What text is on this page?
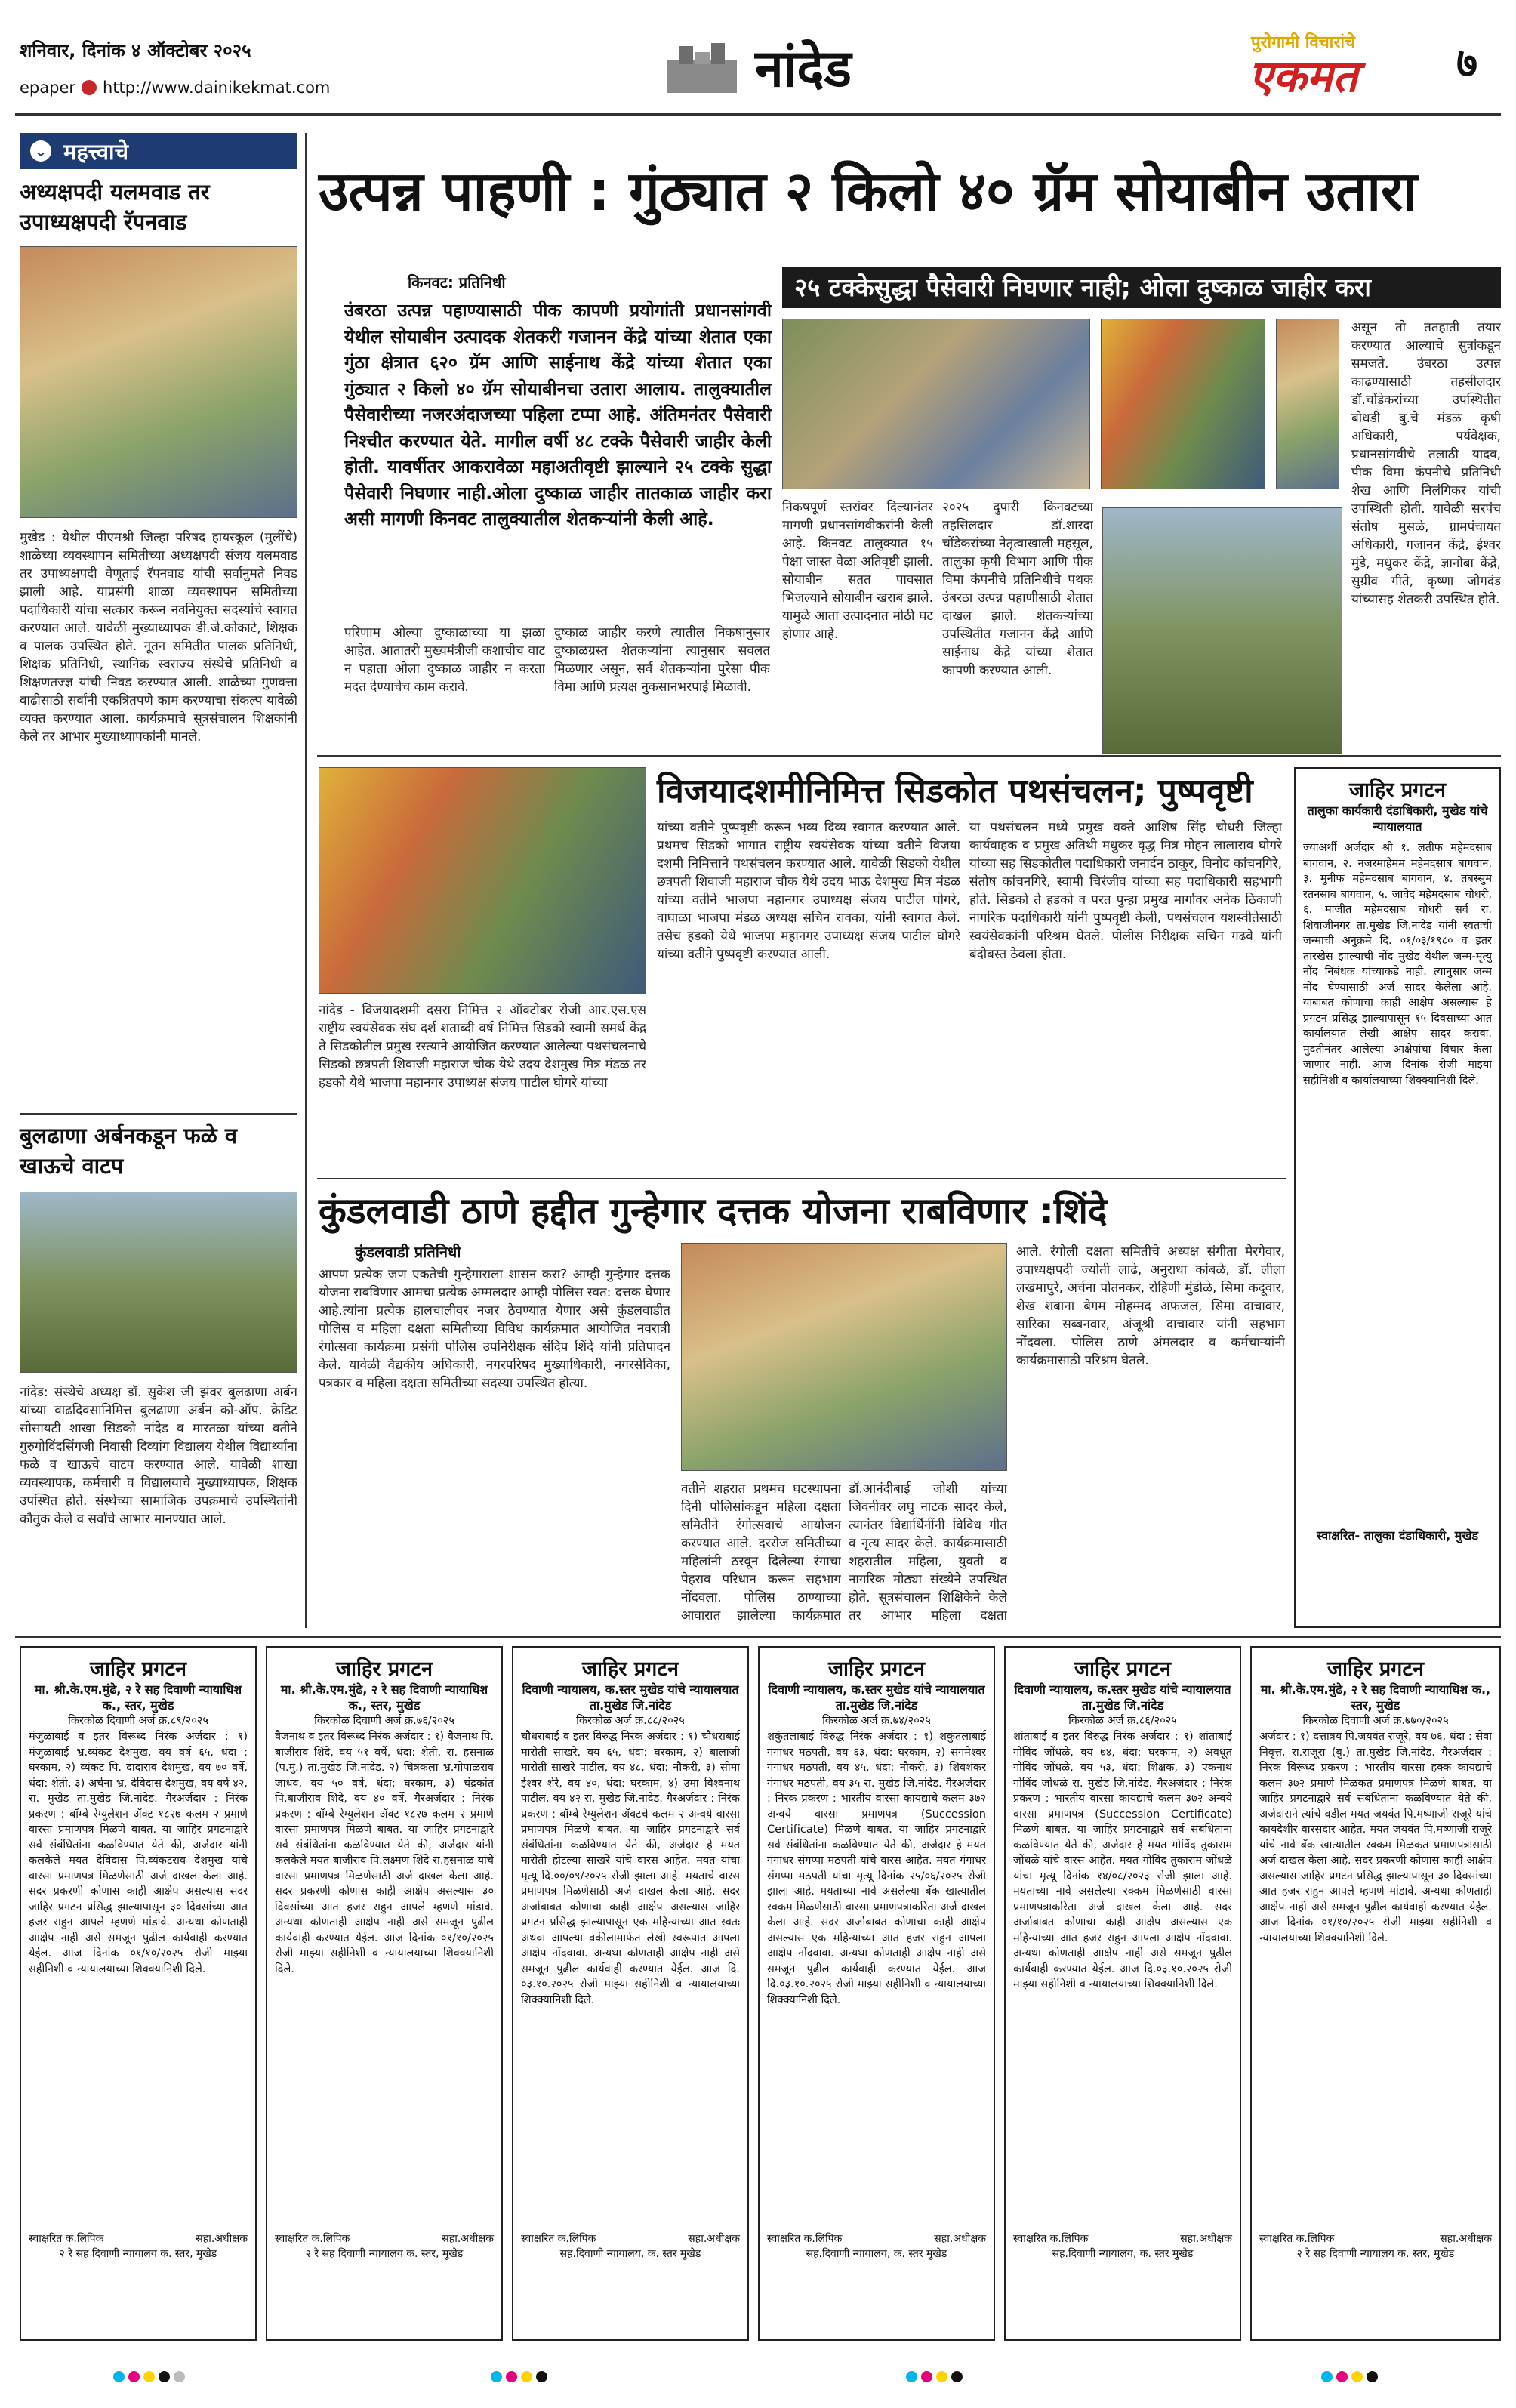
शनिवार, दिनांक ४ ऑक्टोबर २०२५
epaper http://www.dainikekmat.com	नांदेड	पुरोगामी विचारांचे
एकमत	७
⌄ महत्त्वाचे
अध्यक्षपदी यलमवाड तर उपाध्यक्षपदी रॅपनवाड
मुखेड : येथील पीएमश्री जिल्हा परिषद हायस्कूल (मुलींचे) शाळेच्या व्यवस्थापन समितीच्या अध्यक्षपदी संजय यलमवाड तर उपाध्यक्षपदी वेणूताई रॅपनवाड यांची सर्वानुमते निवड झाली आहे. याप्रसंगी शाळा व्यवस्थापन समितीच्या पदाधिकारी यांचा सत्कार करून नवनियुक्त सदस्यांचे स्वागत करण्यात आले. यावेळी मुख्याध्यापक डी.जे.कोकाटे, शिक्षक व पालक उपस्थित होते. नूतन समितीत पालक प्रतिनिधी, शिक्षक प्रतिनिधी, स्थानिक स्वराज्य संस्थेचे प्रतिनिधी व शिक्षणतज्ज्ञ यांची निवड करण्यात आली. शाळेच्या गुणवत्ता वाढीसाठी सर्वांनी एकत्रितपणे काम करण्याचा संकल्प यावेळी व्यक्त करण्यात आला. कार्यक्रमाचे सूत्रसंचालन शिक्षकांनी केले तर आभार मुख्याध्यापकांनी मानले.
बुलढाणा अर्बनकडून फळे व खाऊचे वाटप
नांदेड: संस्थेचे अध्यक्ष डॉ. सुकेश जी झंवर बुलढाणा अर्बन यांच्या वाढदिवसानिमित्त बुलढाणा अर्बन को-ऑप. क्रेडिट सोसायटी शाखा सिडको नांदेड व मारतळा यांच्या वतीने गुरुगोविंदसिंगजी निवासी दिव्यांग विद्यालय येथील विद्यार्थ्यांना फळे व खाऊचे वाटप करण्यात आले. यावेळी शाखा व्यवस्थापक, कर्मचारी व विद्यालयाचे मुख्याध्यापक, शिक्षक उपस्थित होते. संस्थेच्या सामाजिक उपक्रमाचे उपस्थितांनी कौतुक केले व सर्वांचे आभार मानण्यात आले.
उत्पन्न पाहणी : गुंठ्यात २ किलो ४० ग्रॅम सोयाबीन उतारा
२५ टक्केसुद्धा पैसेवारी निघणार नाही; ओला दुष्काळ जाहीर करा
किनवट: प्रतिनिधी
उंबरठा उत्पन्न पहाण्यासाठी पीक कापणी प्रयोगांती प्रधानसांगवी येथील सोयाबीन उत्पादक शेतकरी गजानन केंद्रे यांच्या शेतात एका गुंठा क्षेत्रात ६२० ग्रॅम आणि साईनाथ केंद्रे यांच्या शेतात एका गुंठ्यात २ किलो ४० ग्रॅम सोयाबीनचा उतारा आलाय. तालुक्यातील पैसेवारीच्या नजरअंदाजच्या पहिला टप्पा आहे. अंतिमनंतर पैसेवारी निश्चीत करण्यात येते. मागील वर्षी ४८ टक्के पैसेवारी जाहीर केली होती. यावर्षीतर आकरावेळा महाअतीवृष्टी झाल्याने २५ टक्के सुद्धा पैसेवारी निघणार नाही.ओला दुष्काळ जाहीर तातकाळ जाहीर करा असी मागणी किनवट तालुक्यातील शेतकऱ्यांनी केली आहे.
परिणाम ओल्या दुष्काळाच्या या झळा आहेत. आतातरी मुख्यमंत्रीजी कशाचीच वाट न पहाता ओला दुष्काळ जाहीर न करता मदत देण्याचेच काम करावे.
दुष्काळ जाहीर करणे त्यातील निकषानुसार दुष्काळग्रस्त शेतकऱ्यांना त्यानुसार सवलत मिळणार असून, सर्व शेतकऱ्यांना पुरेसा पीक विमा आणि प्रत्यक्ष नुकसानभरपाई मिळावी.
निकषपूर्ण स्तरांवर दिल्यानंतर मागणी प्रधानसांगवीकरांनी केली आहे. किनवट तालुक्यात १५ पेक्षा जास्त वेळा अतिवृष्टी झाली. सोयाबीन सतत पावसात भिजल्याने सोयाबीन खराब झाले. यामुळे आता उत्पादनात मोठी घट होणार आहे.
२०२५ दुपारी किनवटच्या तहसिलदार डॉ.शारदा चोंडेकरांच्या नेतृत्वाखाली महसूल, तालुका कृषी विभाग आणि पीक विमा कंपनीचे प्रतिनिधीचे पथक उंबरठा उत्पन्न पहाणीसाठी शेतात दाखल झाले. शेतकऱ्यांच्या उपस्थितीत गजानन केंद्रे आणि साईनाथ केंद्रे यांच्या शेतात कापणी करण्यात आली.
असून तो ततहाती तयार करण्यात आल्याचे सुत्रांकडून समजते. उंबरठा उत्पन्न काढण्यासाठी तहसीलदार डॉ.चोंडेकरांच्या उपस्थितीत बोधडी बु.चे मंडळ कृषी अधिकारी, पर्यवेक्षक, प्रधानसांगवीचे तलाठी यादव, पीक विमा कंपनीचे प्रतिनिधी शेख आणि निलंगिकर यांची उपस्थिती होती. यावेळी सरपंच संतोष मुसळे, ग्रामपंचायत अधिकारी, गजानन केंद्रे, ईश्वर मुंडे, मधुकर केंद्रे, ज्ञानोबा केंद्रे, सुग्रीव गीते, कृष्णा जोगदंड यांच्यासह शेतकरी उपस्थित होते.
विजयादशमीनिमित्त सिडकोत पथसंचलन; पुष्पवृष्टी
नांदेड - विजयादशमी दसरा निमित्त २ ऑक्टोबर रोजी आर.एस.एस राष्ट्रीय स्वयंसेवक संघ दर्श शताब्दी वर्ष निमित्त सिडको स्वामी समर्थ केंद्र ते सिडकोतील प्रमुख रस्त्याने आयोजित करण्यात आलेल्या पथसंचलनाचे सिडको छत्रपती शिवाजी महाराज चौक येथे उदय देशमुख मित्र मंडळ तर हडको येथे भाजपा महानगर उपाध्यक्ष संजय पाटील घोगरे यांच्या
यांच्या वतीने पुष्पवृष्टी करून भव्य दिव्य स्वागत करण्यात आले. प्रथमच सिडको भागात राष्ट्रीय स्वयंसेवक यांच्या वतीने विजया दशमी निमित्ताने पथसंचलन करण्यात आले. यावेळी सिडको येथील छत्रपती शिवाजी महाराज चौक येथे उदय भाऊ देशमुख मित्र मंडळ यांच्या वतीने भाजपा महानगर उपाध्यक्ष संजय पाटील घोगरे, वाघाळा भाजपा मंडळ अध्यक्ष सचिन रावका, यांनी स्वागत केले. तसेच हडको येथे भाजपा महानगर उपाध्यक्ष संजय पाटील घोगरे यांच्या वतीने पुष्पवृष्टी करण्यात आली.
या पथसंचलन मध्ये प्रमुख वक्ते आशिष सिंह चौधरी जिल्हा कार्यवाहक व प्रमुख अतिथी मधुकर वृद्ध मित्र मोहन लालाराव घोगरे यांच्या सह सिडकोतील पदाधिकारी जनार्दन ठाकूर, विनोद कांचनगिरे, संतोष कांचनगिरे, स्वामी चिरंजीव यांच्या सह पदाधिकारी सहभागी होते. सिडको ते हडको व परत पुन्हा प्रमुख मार्गावर अनेक ठिकाणी नागरिक पदाधिकारी यांनी पुष्पवृष्टी केली, पथसंचलन यशस्वीतेसाठी स्वयंसेवकांनी परिश्रम घेतले. पोलीस निरीक्षक सचिन गढवे यांनी बंदोबस्त ठेवला होता.
कुंडलवाडी ठाणे हद्दीत गुन्हेगार दत्तक योजना राबविणार :शिंदे
कुंडलवाडी प्रतिनिधी
आपण प्रत्येक जण एकतेची गुन्हेगाराला शासन करा? आम्ही गुन्हेगार दत्तक योजना राबविणार आमचा प्रत्येक अम्मलदार आम्ही पोलिस स्वत: दत्तक घेणार आहे.त्यांना प्रत्येक हालचालीवर नजर ठेवण्यात येणार असे कुंडलवाडीत पोलिस व महिला दक्षता समितीच्या विविध कार्यक्रमात आयोजित नवरात्री रंगोत्सवा कार्यक्रमा प्रसंगी पोलिस उपनिरीक्षक संदिप शिंदे यांनी प्रतिपादन केले. यावेळी वैद्यकीय अधिकारी, नगरपरिषद मुख्याधिकारी, नगरसेविका, पत्रकार व महिला दक्षता समितीच्या सदस्या उपस्थित होत्या.
वतीने शहरात प्रथमच घटस्थापना दिनी पोलिसांकडून महिला दक्षता समितीने रंगोत्सवाचे आयोजन करण्यात आले. दररोज समितीच्या महिलांनी ठरवून दिलेल्या रंगाचा पेहराव परिधान करून सहभाग नोंदवला. पोलिस ठाण्याच्या आवारात झालेल्या कार्यक्रमात
डॉ.आनंदीबाई जोशी यांच्या जिवनीवर लघु नाटक सादर केले, त्यानंतर विद्यार्थिनींनी विविध गीत व नृत्य सादर केले. कार्यक्रमासाठी शहरातील महिला, युवती व नागरिक मोठ्या संख्येने उपस्थित होते. सूत्रसंचालन शिक्षिकेने केले तर आभार महिला दक्षता
आले. रंगोली दक्षता समितीचे अध्यक्ष संगीता मेरगेवार, उपाध्यक्षपदी ज्योती लाढे, अनुराधा कांबळे, डॉ. लीला लखमापुरे, अर्चना पोतनकर, रोहिणी मुंडोळे, सिमा कदूवार, शेख शबाना बेगम मोहम्मद अफजल, सिमा दाचावार, सारिका सब्बनवार, अंजूश्री दाचावार यांनी सहभाग नोंदवला. पोलिस ठाणे अंमलदार व कर्मचाऱ्यांनी कार्यक्रमासाठी परिश्रम घेतले.
जाहिर प्रगटन
तालुका कार्यकारी दंडाधिकारी, मुखेड यांचे न्यायालयात
ज्याअर्थी अर्जदार श्री १. लतीफ महेमदसाब बागवान, २. नजरमाहेमम महेमदसाब बागवान, ३. मुनीफ महेमदसाब बागवान, ४. तबस्सुम रतनसाब बागवान, ५. जावेद महेमदसाब चौधरी, ६. माजीत महेमदसाब चौधरी सर्व रा. शिवाजीनगर ता.मुखेड जि.नांदेड यांनी स्वतःची जन्माची अनुक्रमे दि. ०१/०३/१९८० व इतर तारखेस झाल्याची नोंद मुखेड येथील जन्म-मृत्यु नोंद निबंधक यांच्याकडे नाही. त्यानुसार जन्म नोंद घेण्यासाठी अर्ज सादर केलेला आहे. याबाबत कोणाचा काही आक्षेप असल्यास हे प्रगटन प्रसिद्ध झाल्यापासून १५ दिवसाच्या आत कार्यालयात लेखी आक्षेप सादर करावा. मुदतीनंतर आलेल्या आक्षेपांचा विचार केला जाणार नाही. आज दिनांक रोजी माझ्या सहीनिशी व कार्यालयाच्या शिक्क्यानिशी दिले.
स्वाक्षरित- तालुका दंडाधिकारी, मुखेड
जाहिर प्रगटन
मा. श्री.के.एम.मुंढे, २ रे सह दिवाणी न्यायाधिश क., स्तर, मुखेड
किरकोळ दिवाणी अर्ज क्र.८९/२०२५
मंजुळाबाई व इतर विरूध्द निरंक अर्जदार : १) मंजुळाबाई भ्र.व्यंकट देशमुख, वय वर्ष ६५, धंदा : घरकाम, २) व्यंकट पि. दादाराव देशमुख, वय ७० वर्षे, धंदा: शेती, ३) अर्चना भ्र. देविदास देशमुख, वय वर्ष ४२, रा. मुखेड ता.मुखेड जि.नांदेड. गैरअर्जदार : निरंक प्रकरण : बॉम्बे रेग्युलेशन ॲक्ट १८२७ कलम २ प्रमाणे वारसा प्रमाणपत्र मिळणे बाबत. या जाहिर प्रगटनाद्वारे सर्व संबंधितांना कळविण्यात येते की, अर्जदार यांनी कलकेले मयत देविदास पि.व्यंकटराव देशमुख यांचे वारसा प्रमाणपत्र मिळणेसाठी अर्ज दाखल केला आहे. सदर प्रकरणी कोणास काही आक्षेप असल्यास सदर जाहिर प्रगटन प्रसिद्ध झाल्यापासून ३० दिवसांच्या आत हजर राहुन आपले म्हणणे मांडावे. अन्यथा कोणताही आक्षेप नाही असे समजून पुढील कार्यवाही करण्यात येईल. आज दिनांक ०१/१०/२०२५ रोजी माझ्या सहीनिशी व न्यायालयाच्या शिक्क्यानिशी दिले.
स्वाक्षरित क.लिपिक	सहा.अधीक्षक
२ रे सह दिवाणी न्यायालय क. स्तर, मुखेड
जाहिर प्रगटन
मा. श्री.के.एम.मुंढे, २ रे सह दिवाणी न्यायाधिश क., स्तर, मुखेड
किरकोळ दिवाणी अर्ज क्र.७६/२०२५
वैजनाथ व इतर विरूध्द निरंक अर्जदार : १) वैजनाथ पि. बाजीराव शिंदे, वय ५१ वर्षे, धंदा: शेती, रा. हसनाळ (प.मु.) ता.मुखेड जि.नांदेड. २) चित्रकला भ्र.गोपाळराव जाधव, वय ५० वर्षे, धंदा: घरकाम, ३) चंद्रकांत पि.बाजीराव शिंदे, वय ४० वर्षे. गैरअर्जदार : निरंक प्रकरण : बॉम्बे रेग्युलेशन ॲक्ट १८२७ कलम २ प्रमाणे वारसा प्रमाणपत्र मिळणे बाबत. या जाहिर प्रगटनाद्वारे सर्व संबंधितांना कळविण्यात येते की, अर्जदार यांनी कलकेले मयत बाजीराव पि.लक्ष्मण शिंदे रा.हसनाळ यांचे वारसा प्रमाणपत्र मिळणेसाठी अर्ज दाखल केला आहे. सदर प्रकरणी कोणास काही आक्षेप असल्यास ३० दिवसांच्या आत हजर राहुन आपले म्हणणे मांडावे. अन्यथा कोणताही आक्षेप नाही असे समजून पुढील कार्यवाही करण्यात येईल. आज दिनांक ०१/१०/२०२५ रोजी माझ्या सहीनिशी व न्यायालयाच्या शिक्क्यानिशी दिले.
स्वाक्षरित क.लिपिक	सहा.अधीक्षक
२ रे सह दिवाणी न्यायालय क. स्तर, मुखेड
जाहिर प्रगटन
दिवाणी न्यायालय, क.स्तर मुखेड यांचे न्यायालयात ता.मुखेड जि.नांदेड
किरकोळ अर्ज क्र.८८/२०२५
चौधराबाई व इतर विरुद्ध निरंक अर्जदार : १) चौधराबाई मारोती साखरे, वय ६५, धंदा: घरकाम, २) बालाजी मारोती साखरे पाटील, वय ४८, धंदा: नौकरी, ३) सीमा ईश्वर शेरे, वय ४०, धंदा: घरकाम, ४) उमा विश्वनाथ पाटील, वय ४२ रा. मुखेड जि.नांदेड. गैरअर्जदार : निरंक प्रकरण : बॉम्बे रेग्युलेशन ॲक्टचे कलम २ अन्वये वारसा प्रमाणपत्र मिळणे बाबत. या जाहिर प्रगटनाद्वारे सर्व संबंधितांना कळविण्यात येते की, अर्जदार हे मयत मारोती होटल्या साखरे यांचे वारस आहेत. मयत यांचा मृत्यू दि.००/०९/२०२५ रोजी झाला आहे. मयताचे वारस प्रमाणपत्र मिळणेसाठी अर्ज दाखल केला आहे. सदर अर्जाबाबत कोणाचा काही आक्षेप असल्यास जाहिर प्रगटन प्रसिद्ध झाल्यापासून एक महिन्याच्या आत स्वतः अथवा आपल्या वकीलामार्फत लेखी स्वरूपात आपला आक्षेप नोंदवावा. अन्यथा कोणताही आक्षेप नाही असे समजून पुढील कार्यवाही करण्यात येईल. आज दि. ०३.१०.२०२५ रोजी माझ्या सहीनिशी व न्यायालयाच्या शिक्क्यानिशी दिले.
स्वाक्षरित क.लिपिक	सहा.अधीक्षक
सह.दिवाणी न्यायालय, क. स्तर मुखेड
जाहिर प्रगटन
दिवाणी न्यायालय, क.स्तर मुखेड यांचे न्यायालयात ता.मुखेड जि.नांदेड
किरकोळ अर्ज क्र.७४/२०२५
शकुंतलाबाई विरुद्ध निरंक अर्जदार : १) शकुंतलाबाई गंगाधर मठपती, वय ६३, धंदा: घरकाम, २) संगमेश्वर गंगाधर मठपती, वय ४५, धंदा: नौकरी, ३) शिवशंकर गंगाधर मठपती, वय ३५ रा. मुखेड जि.नांदेड. गैरअर्जदार : निरंक प्रकरण : भारतीय वारसा कायद्याचे कलम ३७२ अन्वये वारसा प्रमाणपत्र (Succession Certificate) मिळणे बाबत. या जाहिर प्रगटनाद्वारे सर्व संबंधितांना कळविण्यात येते की, अर्जदार हे मयत गंगाधर संगप्पा मठपती यांचे वारस आहेत. मयत गंगाधर संगप्पा मठपती यांचा मृत्यू दिनांक २५/०६/२०२५ रोजी झाला आहे. मयताच्या नावे असलेल्या बँक खात्यातील रक्कम मिळणेसाठी वारसा प्रमाणपत्राकरिता अर्ज दाखल केला आहे. सदर अर्जाबाबत कोणाचा काही आक्षेप असल्यास एक महिन्याच्या आत हजर राहुन आपला आक्षेप नोंदवावा. अन्यथा कोणताही आक्षेप नाही असे समजून पुढील कार्यवाही करण्यात येईल. आज दि.०३.१०.२०२५ रोजी माझ्या सहीनिशी व न्यायालयाच्या शिक्क्यानिशी दिले.
स्वाक्षरित क.लिपिक	सहा.अधीक्षक
सह.दिवाणी न्यायालय, क. स्तर मुखेड
जाहिर प्रगटन
दिवाणी न्यायालय, क.स्तर मुखेड यांचे न्यायालयात ता.मुखेड जि.नांदेड
किरकोळ अर्ज क्र.८६/२०२५
शांताबाई व इतर विरुद्ध निरंक अर्जदार : १) शांताबाई गोविंद जोंधळे, वय ७४, धंदा: घरकाम, २) अवधूत गोविंद जोंधळे, वय ५३, धंदा: शिक्षक, ३) एकनाथ गोविंद जोंधळे रा. मुखेड जि.नांदेड. गैरअर्जदार : निरंक प्रकरण : भारतीय वारसा कायद्याचे कलम ३७२ अन्वये वारसा प्रमाणपत्र (Succession Certificate) मिळणे बाबत. या जाहिर प्रगटनाद्वारे सर्व संबंधितांना कळविण्यात येते की, अर्जदार हे मयत गोविंद तुकाराम जोंधळे यांचे वारस आहेत. मयत गोविंद तुकाराम जोंधळे यांचा मृत्यू दिनांक १४/०८/२०२३ रोजी झाला आहे. मयताच्या नावे असलेल्या रक्कम मिळणेसाठी वारसा प्रमाणपत्राकरिता अर्ज दाखल केला आहे. सदर अर्जाबाबत कोणाचा काही आक्षेप असल्यास एक महिन्याच्या आत हजर राहुन आपला आक्षेप नोंदवावा. अन्यथा कोणताही आक्षेप नाही असे समजून पुढील कार्यवाही करण्यात येईल. आज दि.०३.१०.२०२५ रोजी माझ्या सहीनिशी व न्यायालयाच्या शिक्क्यानिशी दिले.
स्वाक्षरित क.लिपिक	सहा.अधीक्षक
सह.दिवाणी न्यायालय, क. स्तर मुखेड
जाहिर प्रगटन
मा. श्री.के.एम.मुंढे, २ रे सह दिवाणी न्यायाधिश क., स्तर, मुखेड
किरकोळ दिवाणी अर्ज क्र.७७०/२०२५
अर्जदार : १) दत्तात्रय पि.जयवंत राजूरे, वय ७६, धंदा : सेवा निवृत्त, रा.राजूरा (बु.) ता.मुखेड जि.नांदेड. गैरअर्जदार : निरंक विरूध्द प्रकरण : भारतीय वारसा हक्क कायद्याचे कलम ३७२ प्रमाणे मिळकत प्रमाणपत्र मिळणे बाबत. या जाहिर प्रगटनाद्वारे सर्व संबंधितांना कळविण्यात येते की, अर्जदाराने त्यांचे वडील मयत जयवंत पि.मष्णाजी राजूरे यांचे कायदेशीर वारसदार आहेत. मयत जयवंत पि.मष्णाजी राजूरे यांचे नावे बँक खात्यातील रक्कम मिळकत प्रमाणपत्रासाठी अर्ज दाखल केला आहे. सदर प्रकरणी कोणास काही आक्षेप असल्यास जाहिर प्रगटन प्रसिद्ध झाल्यापासून ३० दिवसांच्या आत हजर राहुन आपले म्हणणे मांडावे. अन्यथा कोणताही आक्षेप नाही असे समजून पुढील कार्यवाही करण्यात येईल. आज दिनांक ०१/१०/२०२५ रोजी माझ्या सहीनिशी व न्यायालयाच्या शिक्क्यानिशी दिले.
स्वाक्षरित क.लिपिक	सहा.अधीक्षक
२ रे सह दिवाणी न्यायालय क. स्तर, मुखेड
